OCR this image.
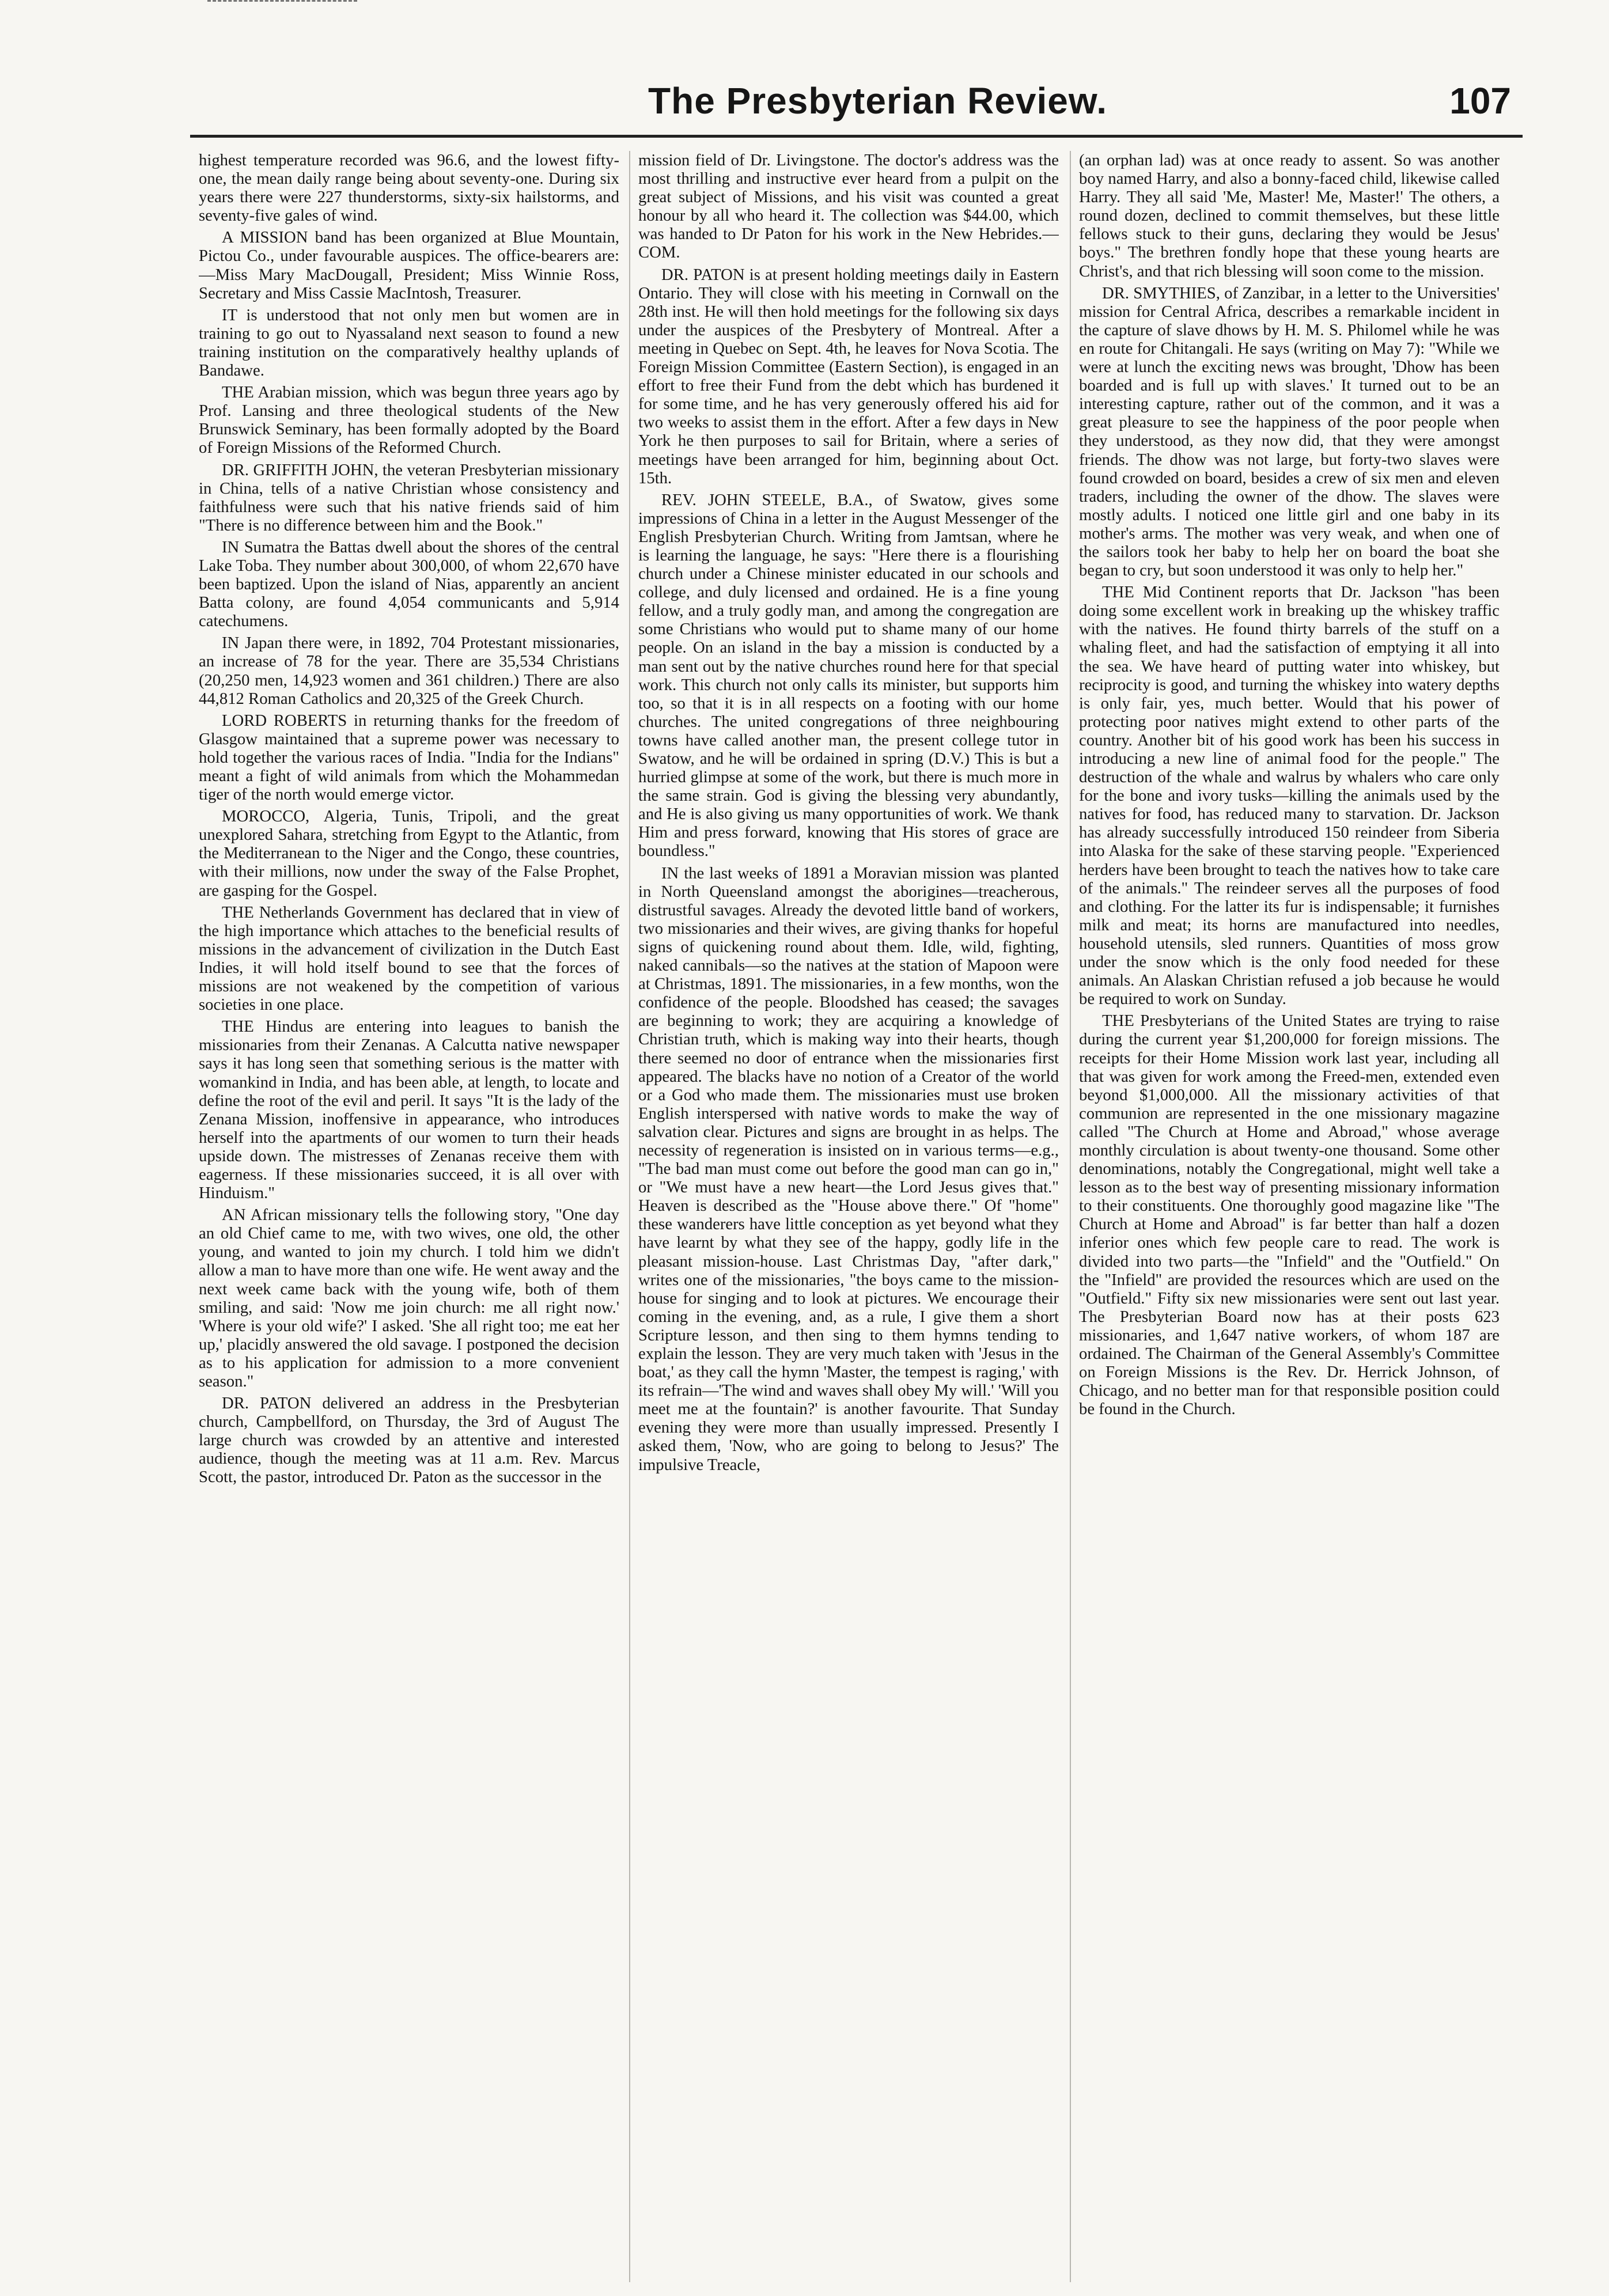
The Presbyterian Review.	107

highest temperature recorded was 96.6, and the lowest fifty-one, the mean daily range being about seventy-one. During six years there were 227 thunderstorms, sixty-six hailstorms, and seventy-five gales of wind.

A MISSION band has been organized at Blue Mountain, Pictou Co., under favourable auspices. The office-bearers are:—Miss Mary MacDougall, President; Miss Winnie Ross, Secretary and Miss Cassie MacIntosh, Treasurer.

IT is understood that not only men but women are in training to go out to Nyassaland next season to found a new training institution on the comparatively healthy uplands of Bandawe.

THE Arabian mission, which was begun three years ago by Prof. Lansing and three theological students of the New Brunswick Seminary, has been formally adopted by the Board of Foreign Missions of the Reformed Church.

DR. GRIFFITH JOHN, the veteran Presbyterian missionary in China, tells of a native Christian whose consistency and faithfulness were such that his native friends said of him "There is no difference between him and the Book."

IN Sumatra the Battas dwell about the shores of the central Lake Toba. They number about 300,000, of whom 22,670 have been baptized. Upon the island of Nias, apparently an ancient Batta colony, are found 4,054 communicants and 5,914 catechumens.

IN Japan there were, in 1892, 704 Protestant missionaries, an increase of 78 for the year. There are 35,534 Christians (20,250 men, 14,923 women and 361 children.) There are also 44,812 Roman Catholics and 20,325 of the Greek Church.

LORD ROBERTS in returning thanks for the freedom of Glasgow maintained that a supreme power was necessary to hold together the various races of India. "India for the Indians" meant a fight of wild animals from which the Mohammedan tiger of the north would emerge victor.

MOROCCO, Algeria, Tunis, Tripoli, and the great unexplored Sahara, stretching from Egypt to the Atlantic, from the Mediterranean to the Niger and the Congo, these countries, with their millions, now under the sway of the False Prophet, are gasping for the Gospel.

THE Netherlands Government has declared that in view of the high importance which attaches to the beneficial results of missions in the advancement of civilization in the Dutch East Indies, it will hold itself bound to see that the forces of missions are not weakened by the competition of various societies in one place.

THE Hindus are entering into leagues to banish the missionaries from their Zenanas. A Calcutta native newspaper says it has long seen that something serious is the matter with womankind in India, and has been able, at length, to locate and define the root of the evil and peril. It says "It is the lady of the Zenana Mission, inoffensive in appearance, who introduces herself into the apartments of our women to turn their heads upside down. The mistresses of Zenanas receive them with eagerness. If these missionaries succeed, it is all over with Hinduism."

AN African missionary tells the following story, "One day an old Chief came to me, with two wives, one old, the other young, and wanted to join my church. I told him we didn't allow a man to have more than one wife. He went away and the next week came back with the young wife, both of them smiling, and said: 'Now me join church: me all right now.' 'Where is your old wife?' I asked. 'She all right too; me eat her up,' placidly answered the old savage. I postponed the decision as to his application for admission to a more convenient season."

DR. PATON delivered an address in the Presbyterian church, Campbellford, on Thursday, the 3rd of August The large church was crowded by an attentive and interested audience, though the meeting was at 11 a.m. Rev. Marcus Scott, the pastor, introduced Dr. Paton as the successor in the

mission field of Dr. Livingstone. The doctor's address was the most thrilling and instructive ever heard from a pulpit on the great subject of Missions, and his visit was counted a great honour by all who heard it. The collection was $44.00, which was handed to Dr Paton for his work in the New Hebrides.—COM.

DR. PATON is at present holding meetings daily in Eastern Ontario. They will close with his meeting in Cornwall on the 28th inst. He will then hold meetings for the following six days under the auspices of the Presbytery of Montreal. After a meeting in Quebec on Sept. 4th, he leaves for Nova Scotia. The Foreign Mission Committee (Eastern Section), is engaged in an effort to free their Fund from the debt which has burdened it for some time, and he has very generously offered his aid for two weeks to assist them in the effort. After a few days in New York he then purposes to sail for Britain, where a series of meetings have been arranged for him, beginning about Oct. 15th.

REV. JOHN STEELE, B.A., of Swatow, gives some impressions of China in a letter in the August Messenger of the English Presbyterian Church. Writing from Jamtsan, where he is learning the language, he says: "Here there is a flourishing church under a Chinese minister educated in our schools and college, and duly licensed and ordained. He is a fine young fellow, and a truly godly man, and among the congregation are some Christians who would put to shame many of our home people. On an island in the bay a mission is conducted by a man sent out by the native churches round here for that special work. This church not only calls its minister, but supports him too, so that it is in all respects on a footing with our home churches. The united congregations of three neighbouring towns have called another man, the present college tutor in Swatow, and he will be ordained in spring (D.V.) This is but a hurried glimpse at some of the work, but there is much more in the same strain. God is giving the blessing very abundantly, and He is also giving us many opportunities of work. We thank Him and press forward, knowing that His stores of grace are boundless."

IN the last weeks of 1891 a Moravian mission was planted in North Queensland amongst the aborigines—treacherous, distrustful savages. Already the devoted little band of workers, two missionaries and their wives, are giving thanks for hopeful signs of quickening round about them. Idle, wild, fighting, naked cannibals—so the natives at the station of Mapoon were at Christmas, 1891. The missionaries, in a few months, won the confidence of the people. Bloodshed has ceased; the savages are beginning to work; they are acquiring a knowledge of Christian truth, which is making way into their hearts, though there seemed no door of entrance when the missionaries first appeared. The blacks have no notion of a Creator of the world or a God who made them. The missionaries must use broken English interspersed with native words to make the way of salvation clear. Pictures and signs are brought in as helps. The necessity of regeneration is insisted on in various terms—e.g., "The bad man must come out before the good man can go in," or "We must have a new heart—the Lord Jesus gives that." Heaven is described as the "House above there." Of "home" these wanderers have little conception as yet beyond what they have learnt by what they see of the happy, godly life in the pleasant mission-house. Last Christmas Day, "after dark," writes one of the missionaries, "the boys came to the mission-house for singing and to look at pictures. We encourage their coming in the evening, and, as a rule, I give them a short Scripture lesson, and then sing to them hymns tending to explain the lesson. They are very much taken with 'Jesus in the boat,' as they call the hymn 'Master, the tempest is raging,' with its refrain—'The wind and waves shall obey My will.' 'Will you meet me at the fountain?' is another favourite. That Sunday evening they were more than usually impressed. Presently I asked them, 'Now, who are going to belong to Jesus?' The impulsive Treacle,

(an orphan lad) was at once ready to assent. So was another boy named Harry, and also a bonny-faced child, likewise called Harry. They all said 'Me, Master! Me, Master!' The others, a round dozen, declined to commit themselves, but these little fellows stuck to their guns, declaring they would be Jesus' boys." The brethren fondly hope that these young hearts are Christ's, and that rich blessing will soon come to the mission.

DR. SMYTHIES, of Zanzibar, in a letter to the Universities' mission for Central Africa, describes a remarkable incident in the capture of slave dhows by H. M. S. Philomel while he was en route for Chitangali. He says (writing on May 7): "While we were at lunch the exciting news was brought, 'Dhow has been boarded and is full up with slaves.' It turned out to be an interesting capture, rather out of the common, and it was a great pleasure to see the happiness of the poor people when they understood, as they now did, that they were amongst friends. The dhow was not large, but forty-two slaves were found crowded on board, besides a crew of six men and eleven traders, including the owner of the dhow. The slaves were mostly adults. I noticed one little girl and one baby in its mother's arms. The mother was very weak, and when one of the sailors took her baby to help her on board the boat she began to cry, but soon understood it was only to help her."

THE Mid Continent reports that Dr. Jackson "has been doing some excellent work in breaking up the whiskey traffic with the natives. He found thirty barrels of the stuff on a whaling fleet, and had the satisfaction of emptying it all into the sea. We have heard of putting water into whiskey, but reciprocity is good, and turning the whiskey into watery depths is only fair, yes, much better. Would that his power of protecting poor natives might extend to other parts of the country. Another bit of his good work has been his success in introducing a new line of animal food for the people." The destruction of the whale and walrus by whalers who care only for the bone and ivory tusks—killing the animals used by the natives for food, has reduced many to starvation. Dr. Jackson has already successfully introduced 150 reindeer from Siberia into Alaska for the sake of these starving people. "Experienced herders have been brought to teach the natives how to take care of the animals." The reindeer serves all the purposes of food and clothing. For the latter its fur is indispensable; it furnishes milk and meat; its horns are manufactured into needles, household utensils, sled runners. Quantities of moss grow under the snow which is the only food needed for these animals. An Alaskan Christian refused a job because he would be required to work on Sunday.

THE Presbyterians of the United States are trying to raise during the current year $1,200,000 for foreign missions. The receipts for their Home Mission work last year, including all that was given for work among the Freed-men, extended even beyond $1,000,000. All the missionary activities of that communion are represented in the one missionary magazine called "The Church at Home and Abroad," whose average monthly circulation is about twenty-one thousand. Some other denominations, notably the Congregational, might well take a lesson as to the best way of presenting missionary information to their constituents. One thoroughly good magazine like "The Church at Home and Abroad" is far better than half a dozen inferior ones which few people care to read. The work is divided into two parts—the "Infield" and the "Outfield." On the "Infield" are provided the resources which are used on the "Outfield." Fifty six new missionaries were sent out last year. The Presbyterian Board now has at their posts 623 missionaries, and 1,647 native workers, of whom 187 are ordained. The Chairman of the General Assembly's Committee on Foreign Missions is the Rev. Dr. Herrick Johnson, of Chicago, and no better man for that responsible position could be found in the Church.
